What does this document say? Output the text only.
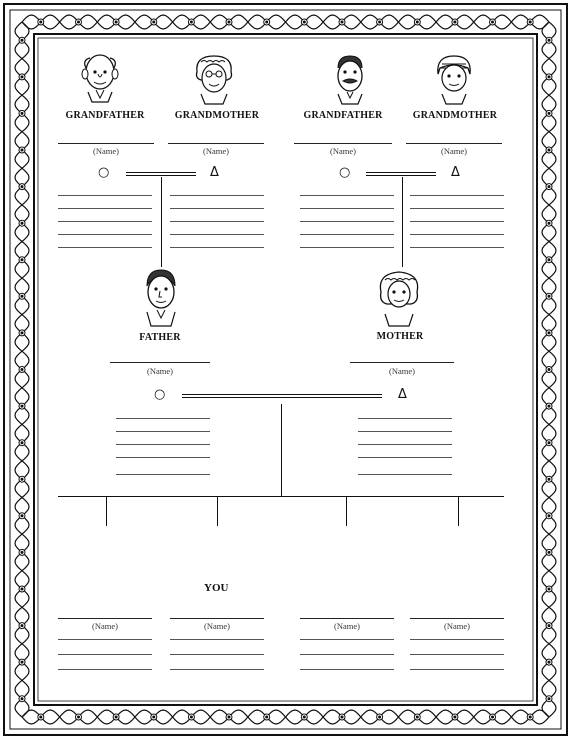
GRANDFATHER	GRANDMOTHER
(Name)	(Name)
○	Δ
GRANDFATHER	GRANDMOTHER
(Name)	(Name)
○	Δ
FATHER	MOTHER
(Name)	(Name)
○	Δ
YOU
(Name)	(Name)	(Name)	(Name)
